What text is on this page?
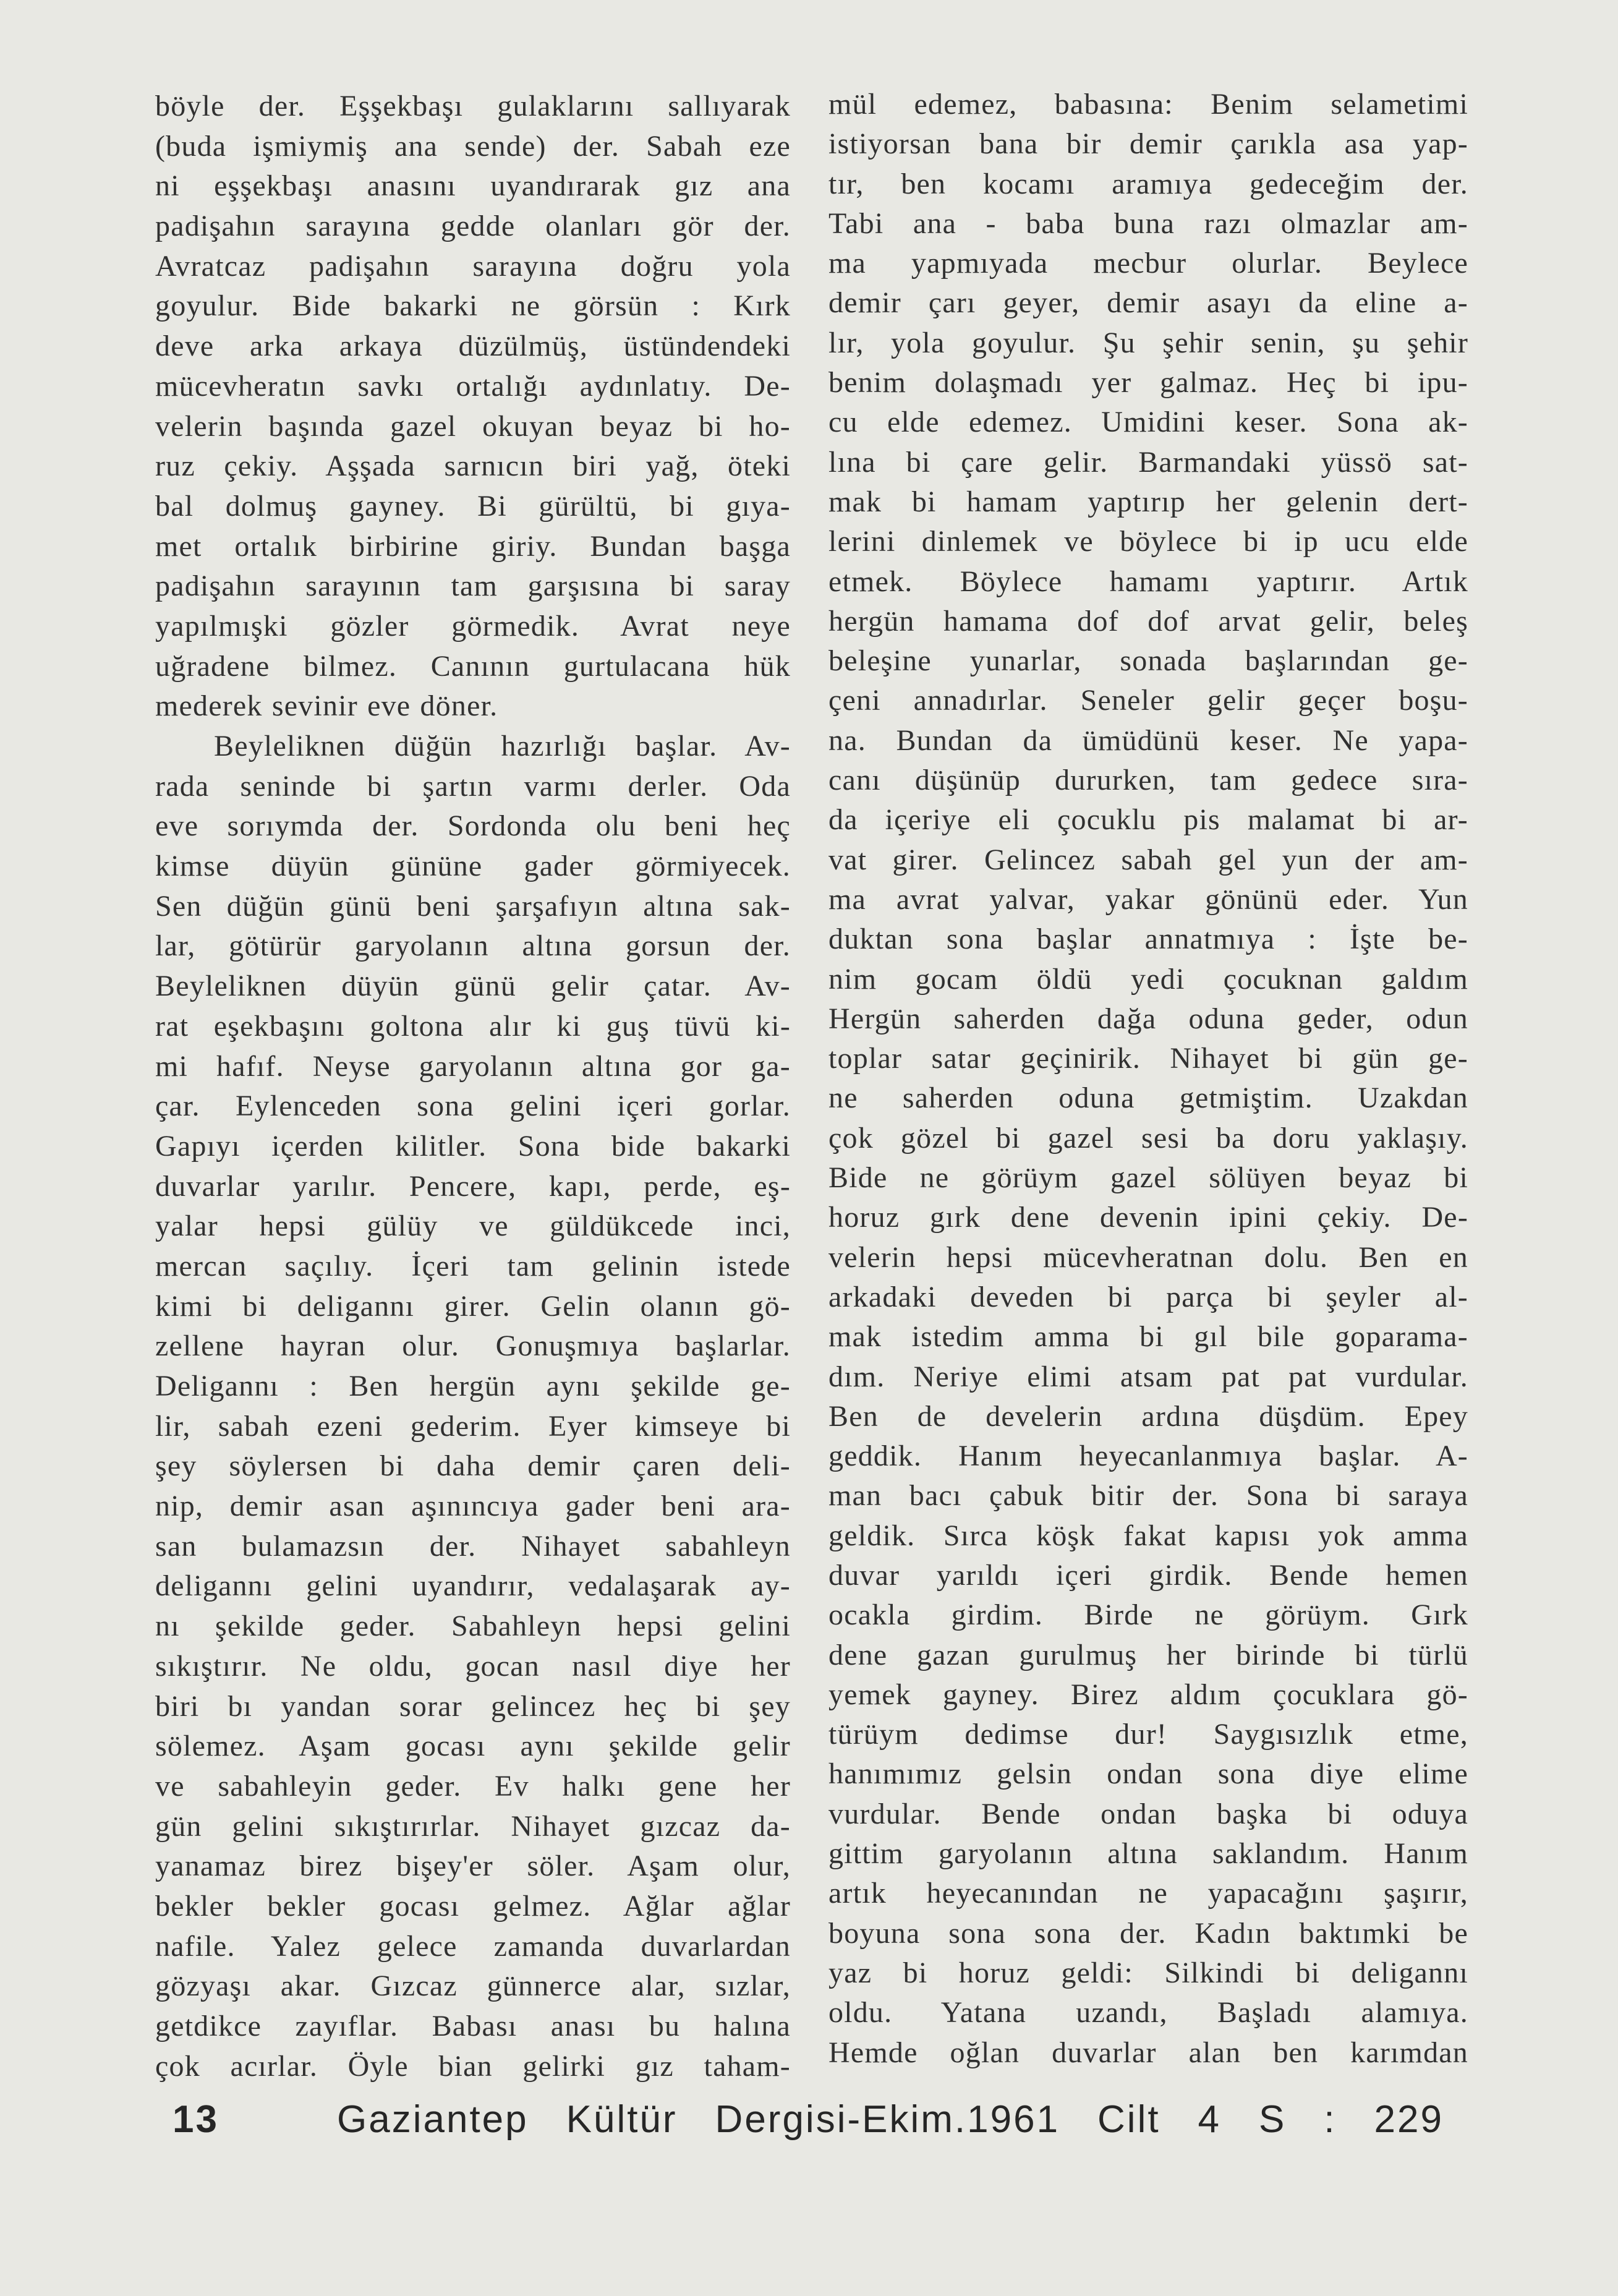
böyle der. Eşşekbaşı gulaklarını sallıyarak
(buda işmiymiş ana sende) der. Sabah eze
ni eşşekbaşı anasını uyandırarak gız ana
padişahın sarayına gedde olanları gör der.
Avratcaz padişahın sarayına doğru yola
goyulur. Bide bakarki ne görsün : Kırk
deve arka arkaya düzülmüş, üstündendeki
mücevheratın savkı ortalığı aydınlatıy. De-
velerin başında gazel okuyan beyaz bi ho-
ruz çekiy. Aşşada sarnıcın biri yağ, öteki
bal dolmuş gayney. Bi gürültü, bi gıya-
met ortalık birbirine giriy. Bundan başga
padişahın sarayının tam garşısına bi saray
yapılmışki gözler görmedik. Avrat neye
uğradene bilmez. Canının gurtulacana hük
mederek sevinir eve döner.
Beyleliknen düğün hazırlığı başlar. Av-
rada seninde bi şartın varmı derler. Oda
eve sorıymda der. Sordonda olu beni heç
kimse düyün gününe gader görmiyecek.
Sen düğün günü beni şarşafıyın altına sak-
lar, götürür garyolanın altına gorsun der.
Beyleliknen düyün günü gelir çatar. Av-
rat eşekbaşını goltona alır ki guş tüvü ki-
mi hafıf. Neyse garyolanın altına gor ga-
çar. Eylenceden sona gelini içeri gorlar.
Gapıyı içerden kilitler. Sona bide bakarki
duvarlar yarılır. Pencere, kapı, perde, eş-
yalar hepsi gülüy ve güldükcede inci,
mercan saçılıy. İçeri tam gelinin istede
kimi bi deligannı girer. Gelin olanın gö-
zellene hayran olur. Gonuşmıya başlarlar.
Deligannı : Ben hergün aynı şekilde ge-
lir, sabah ezeni gederim. Eyer kimseye bi
şey söylersen bi daha demir çaren deli-
nip, demir asan aşınıncıya gader beni ara-
san bulamazsın der. Nihayet sabahleyn
deligannı gelini uyandırır, vedalaşarak ay-
nı şekilde geder. Sabahleyn hepsi gelini
sıkıştırır. Ne oldu, gocan nasıl diye her
biri bı yandan sorar gelincez heç bi şey
sölemez. Aşam gocası aynı şekilde gelir
ve sabahleyin geder. Ev halkı gene her
gün gelini sıkıştırırlar. Nihayet gızcaz da-
yanamaz birez bişey'er söler. Aşam olur,
bekler bekler gocası gelmez. Ağlar ağlar
nafile. Yalez gelece zamanda duvarlardan
gözyaşı akar. Gızcaz günnerce alar, sızlar,
getdikce zayıflar. Babası anası bu halına
çok acırlar. Öyle bian gelirki gız taham-
mül edemez, babasına: Benim selametimi
istiyorsan bana bir demir çarıkla asa yap-
tır, ben kocamı aramıya gedeceğim der.
Tabi ana - baba buna razı olmazlar am-
ma yapmıyada mecbur olurlar. Beylece
demir çarı geyer, demir asayı da eline a-
lır, yola goyulur. Şu şehir senin, şu şehir
benim dolaşmadı yer galmaz. Heç bi ipu-
cu elde edemez. Umidini keser. Sona ak-
lına bi çare gelir. Barmandaki yüssö sat-
mak bi hamam yaptırıp her gelenin dert-
lerini dinlemek ve böylece bi ip ucu elde
etmek. Böylece hamamı yaptırır. Artık
hergün hamama dof dof arvat gelir, beleş
beleşine yunarlar, sonada başlarından ge-
çeni annadırlar. Seneler gelir geçer boşu-
na. Bundan da ümüdünü keser. Ne yapa-
canı düşünüp dururken, tam gedece sıra-
da içeriye eli çocuklu pis malamat bi ar-
vat girer. Gelincez sabah gel yun der am-
ma avrat yalvar, yakar gönünü eder. Yun
duktan sona başlar annatmıya : İşte be-
nim gocam öldü yedi çocuknan galdım
Hergün saherden dağa oduna geder, odun
toplar satar geçinirik. Nihayet bi gün ge-
ne saherden oduna getmiştim. Uzakdan
çok gözel bi gazel sesi ba doru yaklaşıy.
Bide ne görüym gazel sölüyen beyaz bi
horuz gırk dene devenin ipini çekiy. De-
velerin hepsi mücevheratnan dolu. Ben en
arkadaki deveden bi parça bi şeyler al-
mak istedim amma bi gıl bile goparama-
dım. Neriye elimi atsam pat pat vurdular.
Ben de develerin ardına düşdüm. Epey
geddik. Hanım heyecanlanmıya başlar. A-
man bacı çabuk bitir der. Sona bi saraya
geldik. Sırca köşk fakat kapısı yok amma
duvar yarıldı içeri girdik. Bende hemen
ocakla girdim. Birde ne görüym. Gırk
dene gazan gurulmuş her birinde bi türlü
yemek gayney. Birez aldım çocuklara gö-
türüym dedimse dur! Saygısızlık etme,
hanımımız gelsin ondan sona diye elime
vurdular. Bende ondan başka bi oduya
gittim garyolanın altına saklandım. Hanım
artık heyecanından ne yapacağını şaşırır,
boyuna sona sona der. Kadın baktımki be
yaz bi horuz geldi: Silkindi bi deligannı
oldu. Yatana uzandı, Başladı alamıya.
Hemde oğlan duvarlar alan ben karımdan
13	Gaziantep Kültür Dergisi-Ekim.1961 Cilt 4 S : 229
